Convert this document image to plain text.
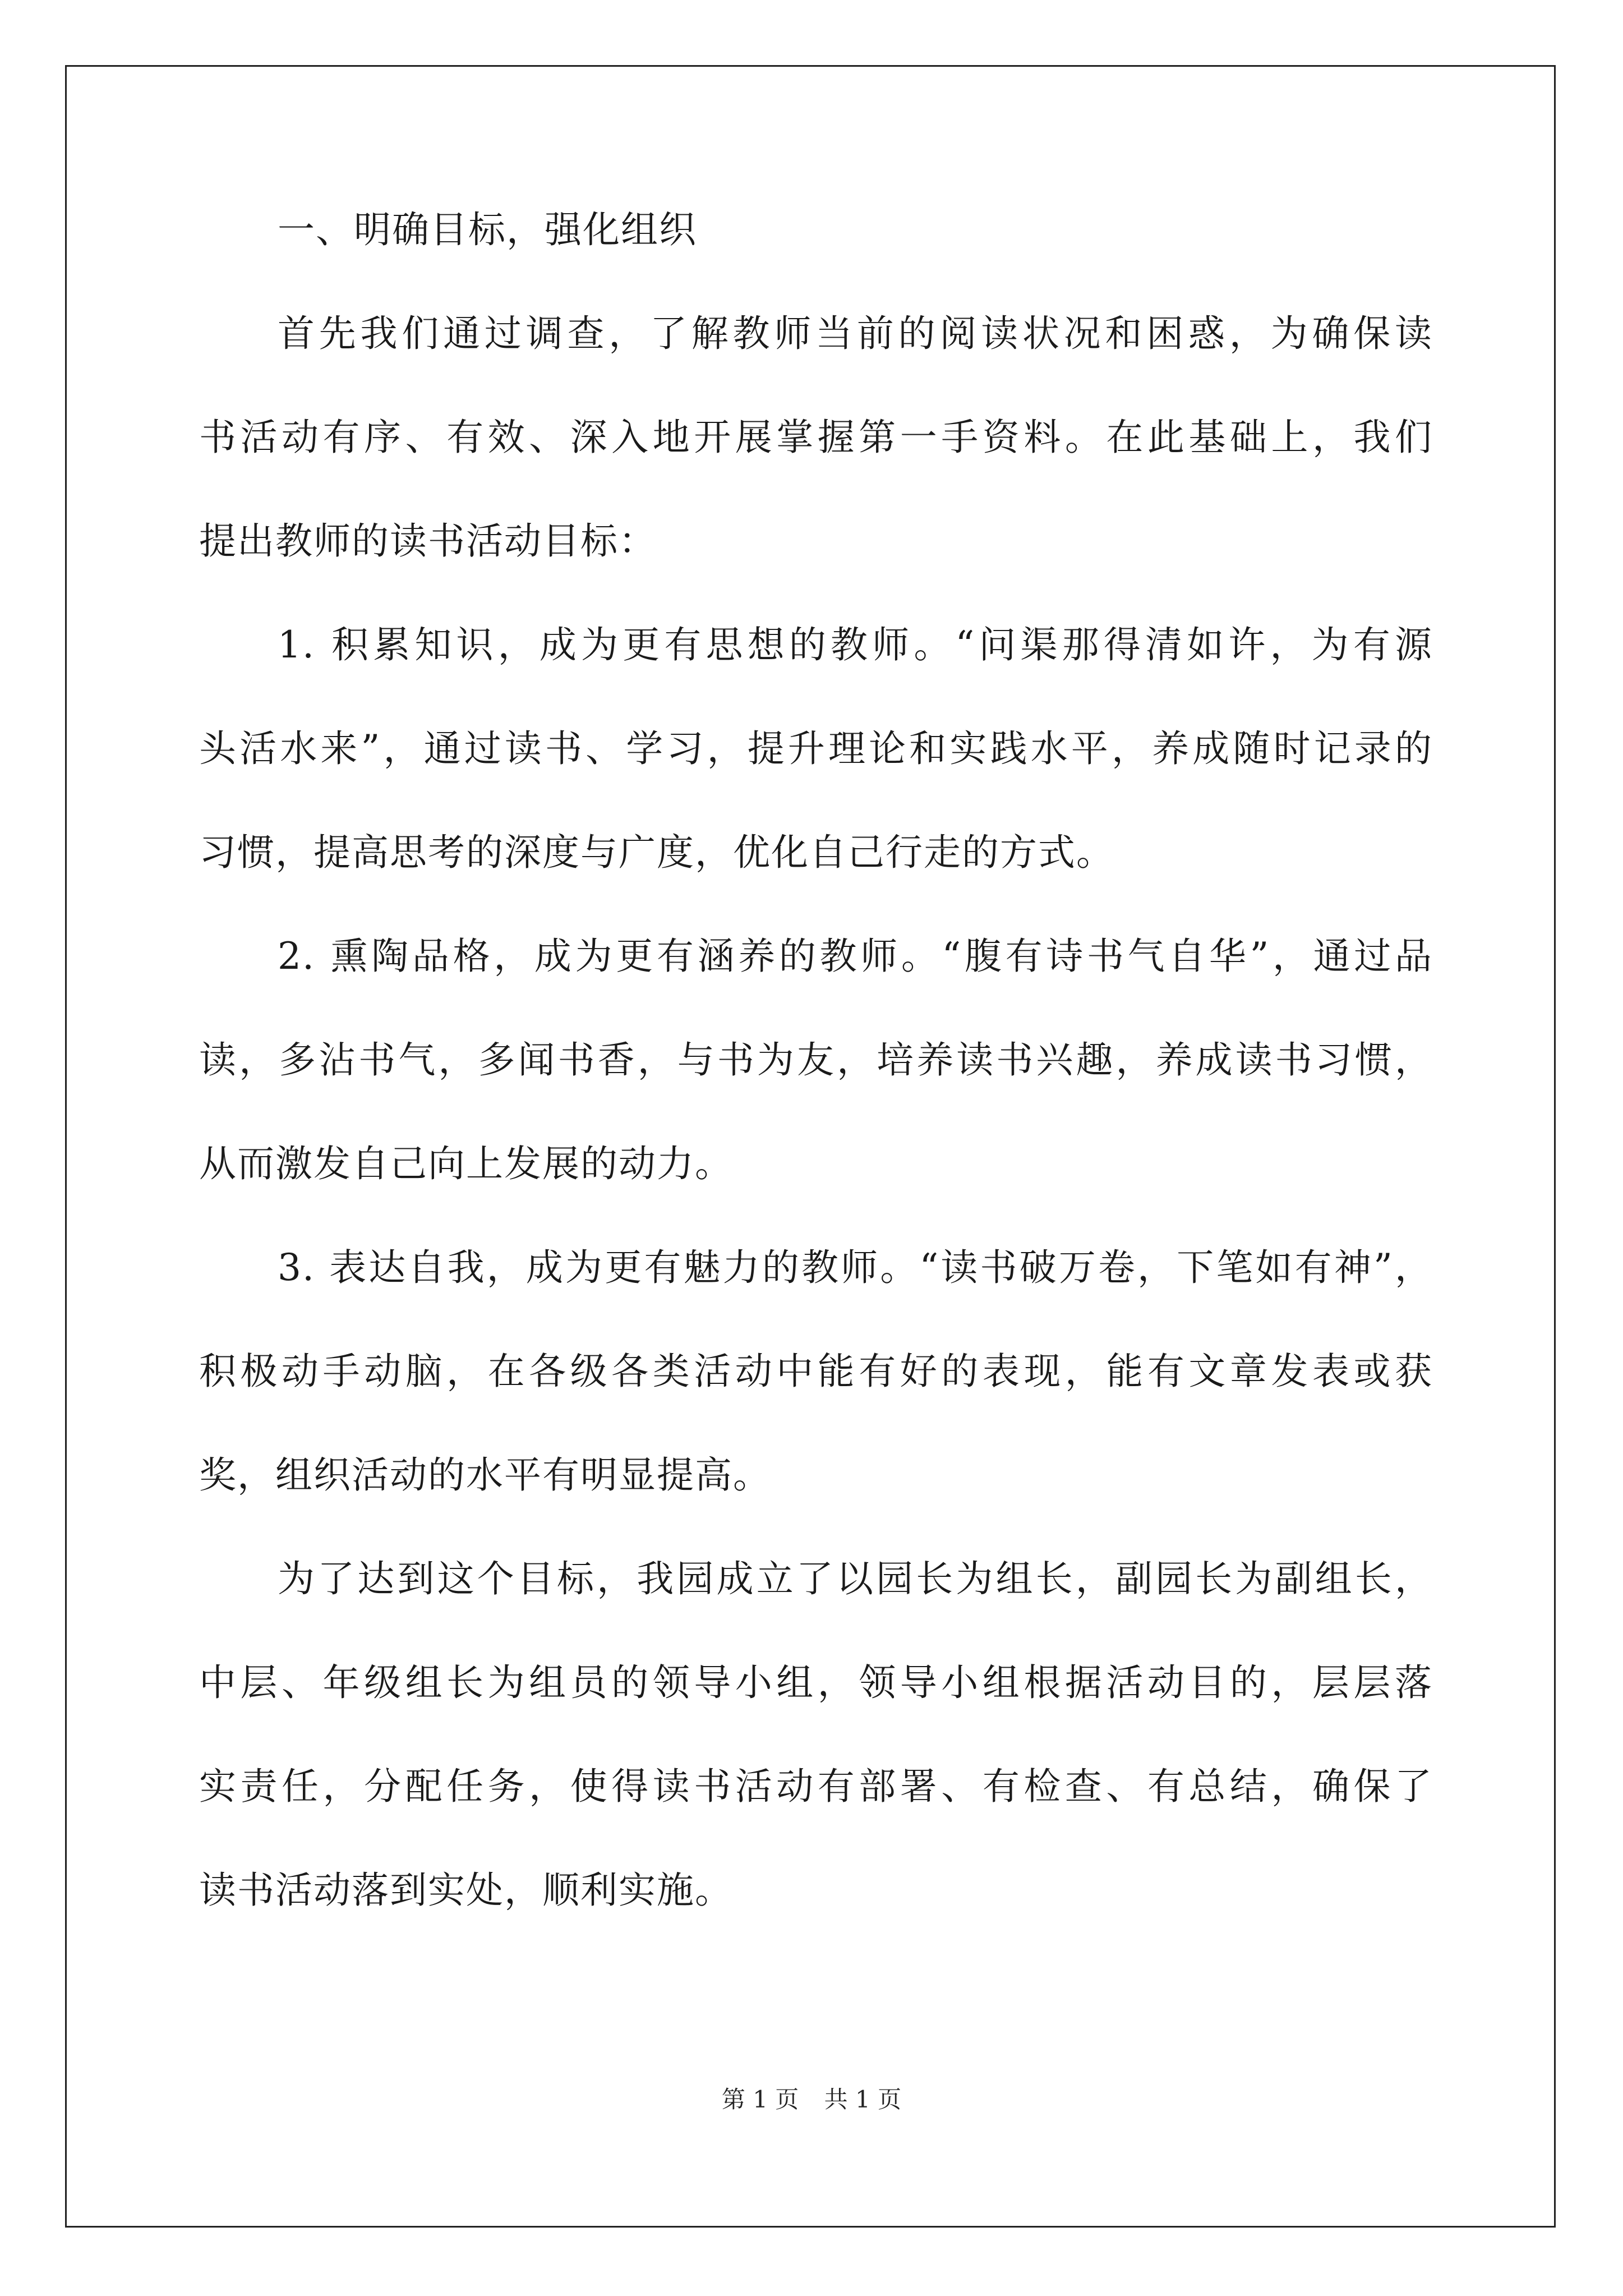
一、明确目标，强化组织
首先我们通过调查，了解教师当前的阅读状况和困惑，为确保读
书活动有序、有效、深入地开展掌握第一手资料。在此基础上，我们
提出教师的读书活动目标：
1. 积累知识，成为更有思想的教师。“问渠那得清如许，为有源
头活水来”，通过读书、学习，提升理论和实践水平，养成随时记录的
习惯，提高思考的深度与广度，优化自己行走的方式。
2. 熏陶品格，成为更有涵养的教师。“腹有诗书气自华”，通过品
读，多沾书气，多闻书香，与书为友，培养读书兴趣，养成读书习惯，
从而激发自己向上发展的动力。
3. 表达自我，成为更有魅力的教师。“读书破万卷，下笔如有神”，
积极动手动脑，在各级各类活动中能有好的表现，能有文章发表或获
奖，组织活动的水平有明显提高。
为了达到这个目标，我园成立了以园长为组长，副园长为副组长，
中层、年级组长为组员的领导小组，领导小组根据活动目的，层层落
实责任，分配任务，使得读书活动有部署、有检查、有总结，确保了
读书活动落到实处，顺利实施。
第 1 页 共 1 页
